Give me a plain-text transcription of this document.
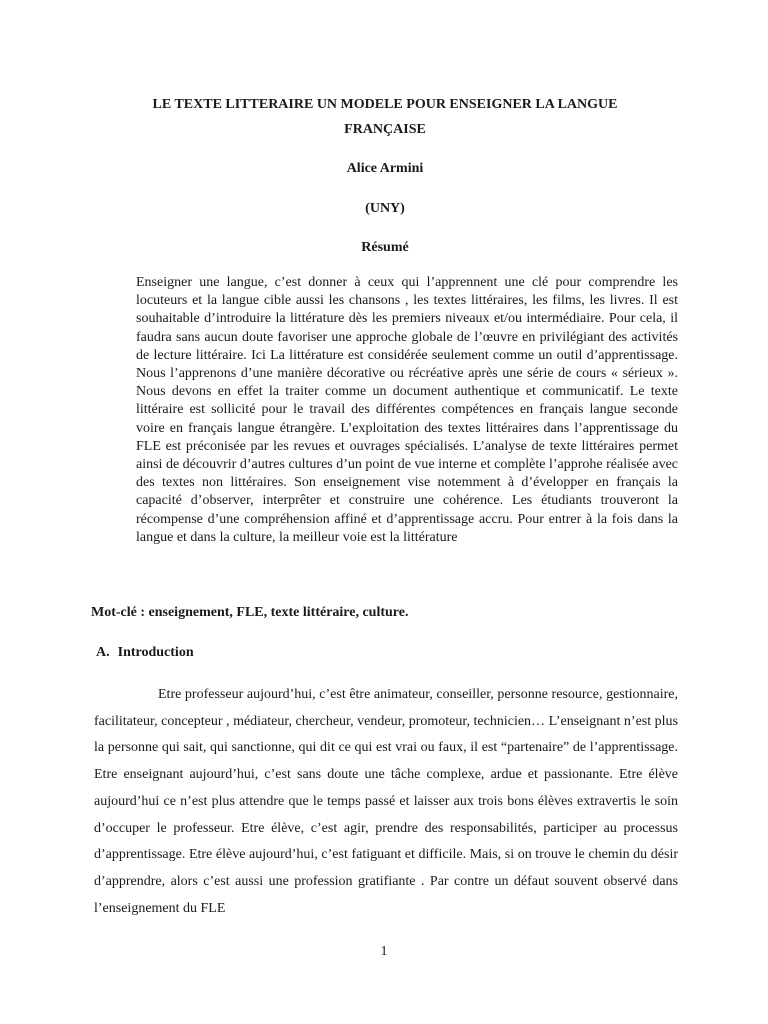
LE TEXTE LITTERAIRE UN MODELE POUR ENSEIGNER LA LANGUE FRANÇAISE

Alice Armini

(UNY)

Résumé

Enseigner une langue, c’est donner à ceux qui l’apprennent une clé pour comprendre les locuteurs et la langue cible aussi les chansons , les textes littéraires, les films, les livres. Il est souhaitable d’introduire la littérature dès les premiers niveaux et/ou intermédiaire. Pour cela, il faudra sans aucun doute favoriser une approche globale de l’œuvre en privilégiant des activités de lecture littéraire. Ici La littérature est considérée seulement comme un outil d’apprentissage. Nous l’apprenons d’une manière décorative ou récréative après une série de cours « sérieux ». Nous devons en effet la traiter comme un document authentique et communicatif. Le texte littéraire est sollicité pour le travail des différentes compétences en français langue seconde voire en français langue étrangère. L’exploitation des textes littéraires dans l’apprentissage du FLE est préconisée par les revues et ouvrages spécialisés. L’analyse de texte littéraires permet ainsi de découvrir d’autres cultures d’un point de vue interne et complète l’approhe réalisée avec des textes non littéraires. Son enseignement vise notemment à d’évelopper en français la capacité d’observer, interprêter et construire une cohérence. Les étudiants trouveront la récompense d’une compréhension affiné et d’apprentissage accru. Pour entrer à la fois dans la langue et dans la culture, la meilleur voie est la littérature

Mot-clé : enseignement, FLE, texte littéraire, culture.

A. Introduction

Etre professeur aujourd’hui, c’est être animateur, conseiller, personne resource, gestionnaire, facilitateur, concepteur , médiateur, chercheur, vendeur, promoteur, technicien… L’enseignant n’est plus la personne qui sait, qui sanctionne, qui dit ce qui est vrai ou faux, il est “partenaire” de l’apprentissage. Etre enseignant aujourd’hui, c’est sans doute une tâche complexe, ardue et passionante. Etre élève aujourd’hui ce n’est plus attendre que le temps passé et laisser aux trois bons élèves extravertis le soin d’occuper le professeur. Etre élève, c’est agir, prendre des responsabilités, participer au processus d’apprentissage. Etre élève aujourd’hui, c’est fatiguant et difficile. Mais, si on trouve le chemin du désir d’apprendre, alors c’est aussi une profession gratifiante . Par contre un défaut souvent observé dans l’enseignement du FLE

1
